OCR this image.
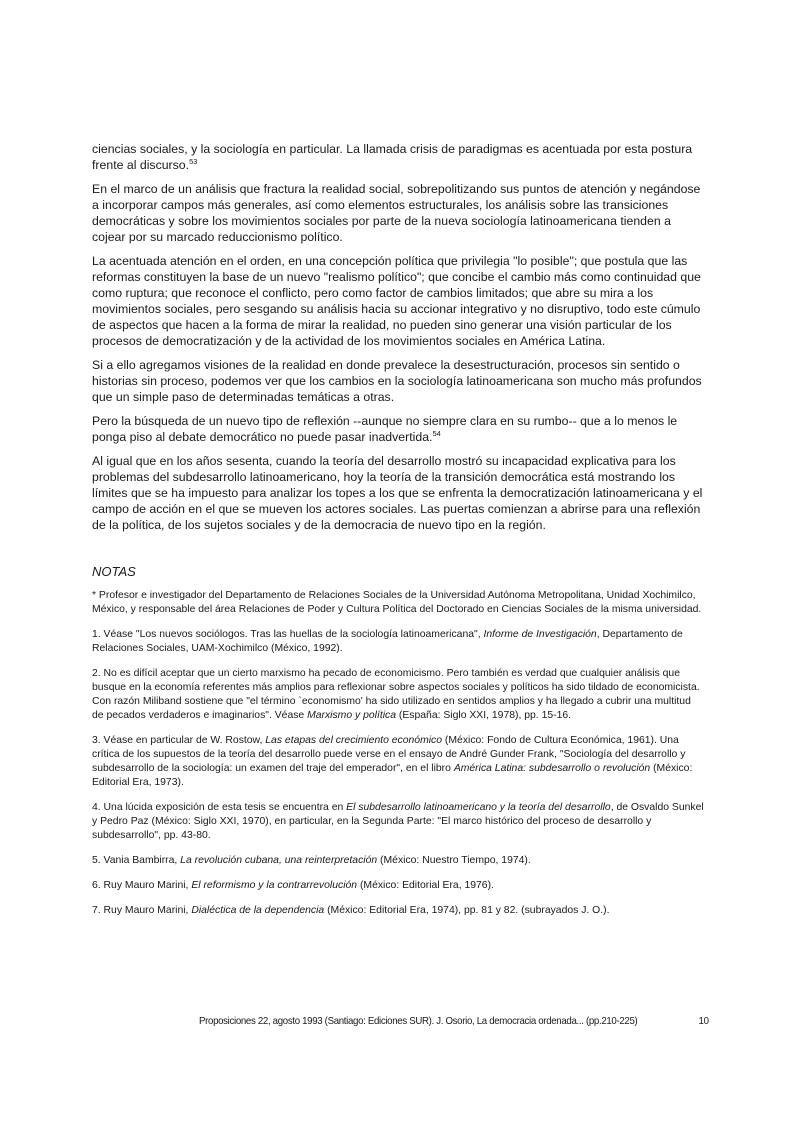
ciencias sociales, y la sociología en particular. La llamada crisis de paradigmas es acentuada por esta postura frente al discurso.$^{53}$

En el marco de un análisis que fractura la realidad social, sobrepolitizando sus puntos de atención y negándose a incorporar campos más generales, así como elementos estructurales, los análisis sobre las transiciones democráticas y sobre los movimientos sociales por parte de la nueva sociología latinoamericana tienden a cojear por su marcado reduccionismo político.

La acentuada atención en el orden, en una concepción política que privilegia "lo posible"; que postula que las reformas constituyen la base de un nuevo "realismo político"; que concibe el cambio más como continuidad que como ruptura; que reconoce el conflicto, pero como factor de cambios limitados; que abre su mira a los movimientos sociales, pero sesgando su análisis hacia su accionar integrativo y no disruptivo, todo este cúmulo de aspectos que hacen a la forma de mirar la realidad, no pueden sino generar una visión particular de los procesos de democratización y de la actividad de los movimientos sociales en América Latina.

Si a ello agregamos visiones de la realidad en donde prevalece la desestructuración, procesos sin sentido o historias sin proceso, podemos ver que los cambios en la sociología latinoamericana son mucho más profundos que un simple paso de determinadas temáticas a otras.

Pero la búsqueda de un nuevo tipo de reflexión --aunque no siempre clara en su rumbo-- que a lo menos le ponga piso al debate democrático no puede pasar inadvertida.$^{54}$

Al igual que en los años sesenta, cuando la teoría del desarrollo mostró su incapacidad explicativa para los problemas del subdesarrollo latinoamericano, hoy la teoría de la transición democrática está mostrando los límites que se ha impuesto para analizar los topes a los que se enfrenta la democratización latinoamericana y el campo de acción en el que se mueven los actores sociales. Las puertas comienzan a abrirse para una reflexión de la política, de los sujetos sociales y de la democracia de nuevo tipo en la región.

NOTAS

* Profesor e investigador del Departamento de Relaciones Sociales de la Universidad Autónoma Metropolitana, Unidad Xochimilco, México, y responsable del área Relaciones de Poder y Cultura Política del Doctorado en Ciencias Sociales de la misma universidad.

1. Véase "Los nuevos sociólogos. Tras las huellas de la sociología latinoamericana", Informe de Investigación, Departamento de Relaciones Sociales, UAM-Xochimilco (México, 1992).

2. No es difícil aceptar que un cierto marxismo ha pecado de economicismo. Pero también es verdad que cualquier análisis que busque en la economía referentes más amplios para reflexionar sobre aspectos sociales y políticos ha sido tildado de economicista. Con razón Miliband sostiene que "el término `economismo' ha sido utilizado en sentidos amplios y ha llegado a cubrir una multitud de pecados verdaderos e imaginarios". Véase Marxismo y política (España: Siglo XXI, 1978), pp. 15-16.

3. Véase en particular de W. Rostow, Las etapas del crecimiento económico (México: Fondo de Cultura Económica, 1961). Una crítica de los supuestos de la teoría del desarrollo puede verse en el ensayo de André Gunder Frank, "Sociología del desarrollo y subdesarrollo de la sociología: un examen del traje del emperador", en el libro América Latina: subdesarrollo o revolución (México: Editorial Era, 1973).

4. Una lúcida exposición de esta tesis se encuentra en El subdesarrollo latinoamericano y la teoría del desarrollo, de Osvaldo Sunkel y Pedro Paz (México: Siglo XXI, 1970), en particular, en la Segunda Parte: "El marco histórico del proceso de desarrollo y subdesarrollo", pp. 43-80.

5. Vania Bambirra, La revolución cubana, una reinterpretación (México: Nuestro Tiempo, 1974).

6. Ruy Mauro Marini, El reformismo y la contrarrevolución (México: Editorial Era, 1976).

7. Ruy Mauro Marini, Dialéctica de la dependencia (México: Editorial Era, 1974), pp. 81 y 82. (subrayados J. O.).

Proposiciones 22, agosto 1993 (Santiago: Ediciones SUR). J. Osorio, La democracia ordenada... (pp.210-225)	10
